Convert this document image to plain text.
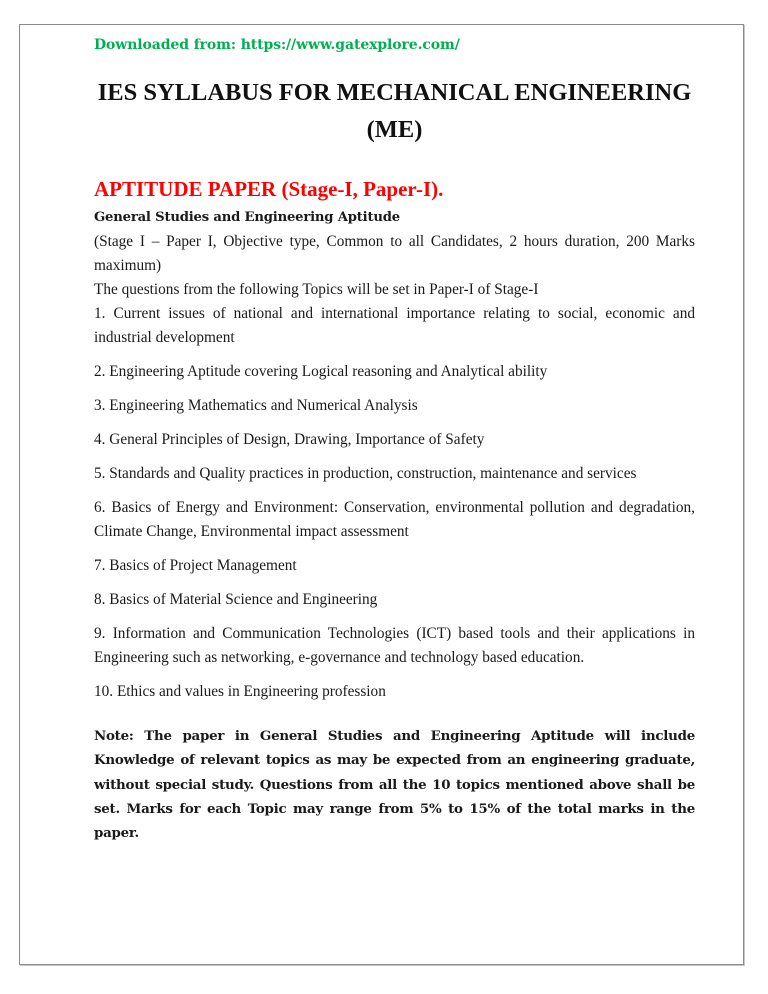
Downloaded from: https://www.gatexplore.com/

IES SYLLABUS FOR MECHANICAL ENGINEERING
(ME)
APTITUDE PAPER (Stage-I, Paper-I).
General Studies and Engineering Aptitude

(Stage I – Paper I, Objective type, Common to all Candidates, 2 hours duration, 200 Marks maximum)

The questions from the following Topics will be set in Paper-I of Stage-I

1. Current issues of national and international importance relating to social, economic and industrial development

2. Engineering Aptitude covering Logical reasoning and Analytical ability

3. Engineering Mathematics and Numerical Analysis

4. General Principles of Design, Drawing, Importance of Safety

5. Standards and Quality practices in production, construction, maintenance and services

6. Basics of Energy and Environment: Conservation, environmental pollution and degradation, Climate Change, Environmental impact assessment

7. Basics of Project Management

8. Basics of Material Science and Engineering

9. Information and Communication Technologies (ICT) based tools and their applications in Engineering such as networking, e-governance and technology based education.

10. Ethics and values in Engineering profession

Note: The paper in General Studies and Engineering Aptitude will include Knowledge of relevant topics as may be expected from an engineering graduate, without special study. Questions from all the 10 topics mentioned above shall be set. Marks for each Topic may range from 5% to 15% of the total marks in the paper.
